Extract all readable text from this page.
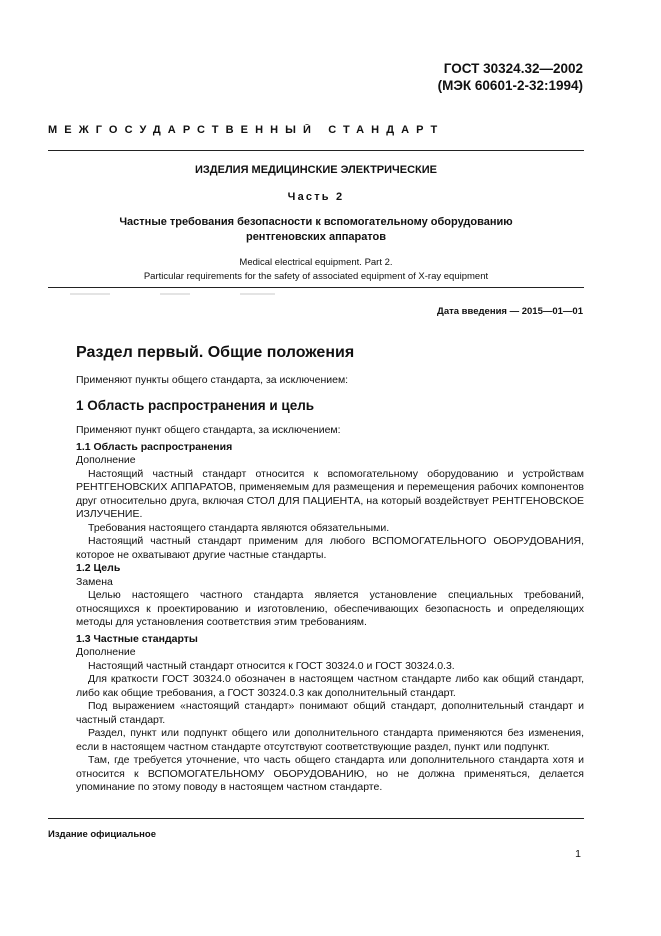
ГОСТ 30324.32—2002
(МЭК 60601-2-32:1994)
МЕЖГОСУДАРСТВЕННЫЙ СТАНДАРТ
ИЗДЕЛИЯ МЕДИЦИНСКИЕ ЭЛЕКТРИЧЕСКИЕ
Часть 2
Частные требования безопасности к вспомогательному оборудованию
рентгеновских аппаратов
Medical electrical equipment. Part 2.
Particular requirements for the safety of associated equipment of X-ray equipment
Дата введения — 2015—01—01
Раздел первый. Общие положения

Применяют пункты общего стандарта, за исключением:

1 Область распространения и цель

Применяют пункт общего стандарта, за исключением:

1.1 Область распространения

Дополнение

Настоящий частный стандарт относится к вспомогательному оборудованию и устройствам РЕНТГЕНОВСКИХ АППАРАТОВ, применяемым для размещения и перемещения рабочих компонентов друг относительно друга, включая СТОЛ ДЛЯ ПАЦИЕНТА, на который воздействует РЕНТГЕНОВСКОЕ ИЗЛУЧЕНИЕ.

Требования настоящего стандарта являются обязательными.

Настоящий частный стандарт применим для любого ВСПОМОГАТЕЛЬНОГО ОБОРУДОВАНИЯ, которое не охватывают другие частные стандарты.

1.2 Цель

Замена

Целью настоящего частного стандарта является установление специальных требований, относящихся к проектированию и изготовлению, обеспечивающих безопасность и определяющих методы для установления соответствия этим требованиям.

1.3 Частные стандарты

Дополнение

Настоящий частный стандарт относится к ГОСТ 30324.0 и ГОСТ 30324.0.3.

Для краткости ГОСТ 30324.0 обозначен в настоящем частном стандарте либо как общий стандарт, либо как общие требования, а ГОСТ 30324.0.3 как дополнительный стандарт.

Под выражением «настоящий стандарт» понимают общий стандарт, дополнительный стандарт и частный стандарт.

Раздел, пункт или подпункт общего или дополнительного стандарта применяются без изменения, если в настоящем частном стандарте отсутствуют соответствующие раздел, пункт или подпункт.

Там, где требуется уточнение, что часть общего стандарта или дополнительного стандарта хотя и относится к ВСПОМОГАТЕЛЬНОМУ ОБОРУДОВАНИЮ, но не должна применяться, делается упоминание по этому поводу в настоящем частном стандарте.

Издание официальное
1
